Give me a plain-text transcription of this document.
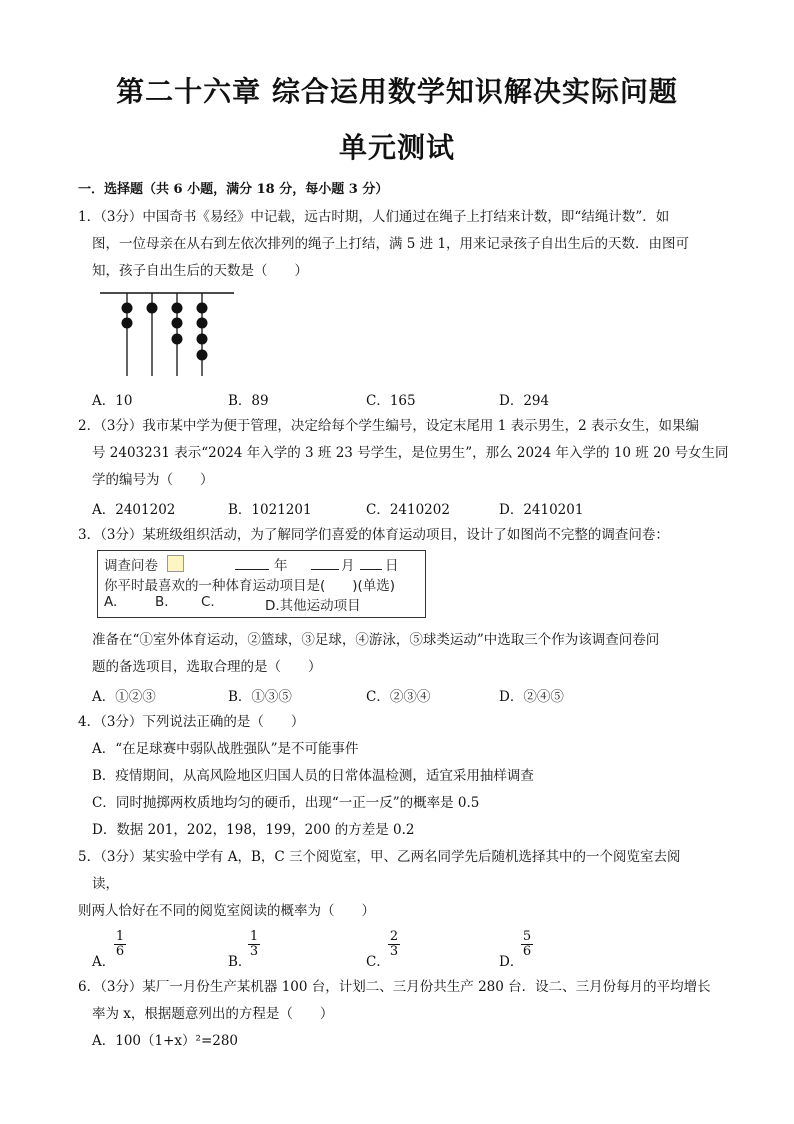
第二十六章 综合运用数学知识解决实际问题
单元测试
一．选择题（共 6 小题，满分 18 分，每小题 3 分）
1．（3分）中国奇书《易经》中记载，远古时期，人们通过在绳子上打结来计数，即“结绳计数”．如
图，一位母亲在从右到左依次排列的绳子上打结，满 5 进 1，用来记录孩子自出生后的天数．由图可
知，孩子自出生后的天数是（　　）
A．10	B．89	C．165	D．294
2．（3分）我市某中学为便于管理，决定给每个学生编号，设定末尾用 1 表示男生，2 表示女生，如果编
号 2403231 表示“2024 年入学的 3 班 23 号学生，是位男生”，那么 2024 年入学的 10 班 20 号女生同
学的编号为（　　）
A．2401202	B．1021201	C．2410202	D．2410201
3．（3分）某班级组织活动，为了解同学们喜爱的体育运动项目，设计了如图尚不完整的调查问卷：
调查问卷	年	月 日
你平时最喜欢的一种体育运动项目是(　　)(单选)
A.	B. C.	D.其他运动项目
准备在“①室外体育运动，②篮球，③足球，④游泳，⑤球类运动”中选取三个作为该调查问卷问
题的备选项目，选取合理的是（　　）
A．①②③	B．①③⑤	C．②③④	D．②④⑤
4．（3分）下列说法正确的是（　　）
A．“在足球赛中弱队战胜强队”是不可能事件
B．疫情期间，从高风险地区归国人员的日常体温检测，适宜采用抽样调查
C．同时抛掷两枚质地均匀的硬币，出现“一正一反”的概率是 0.5
D．数据 201，202，198，199，200 的方差是 0.2
5．（3分）某实验中学有 A，B，C 三个阅览室，甲、乙两名同学先后随机选择其中的一个阅览室去阅
读，
则两人恰好在不同的阅览室阅读的概率为（　　）
A．
1
6
B．
1
3
C．
2
3
D．
5
6
6．（3分）某厂一月份生产某机器 100 台，计划二、三月份共生产 280 台．设二、三月份每月的平均增长
率为 x，根据题意列出的方程是（　　）
A．100（1+x）²=280
